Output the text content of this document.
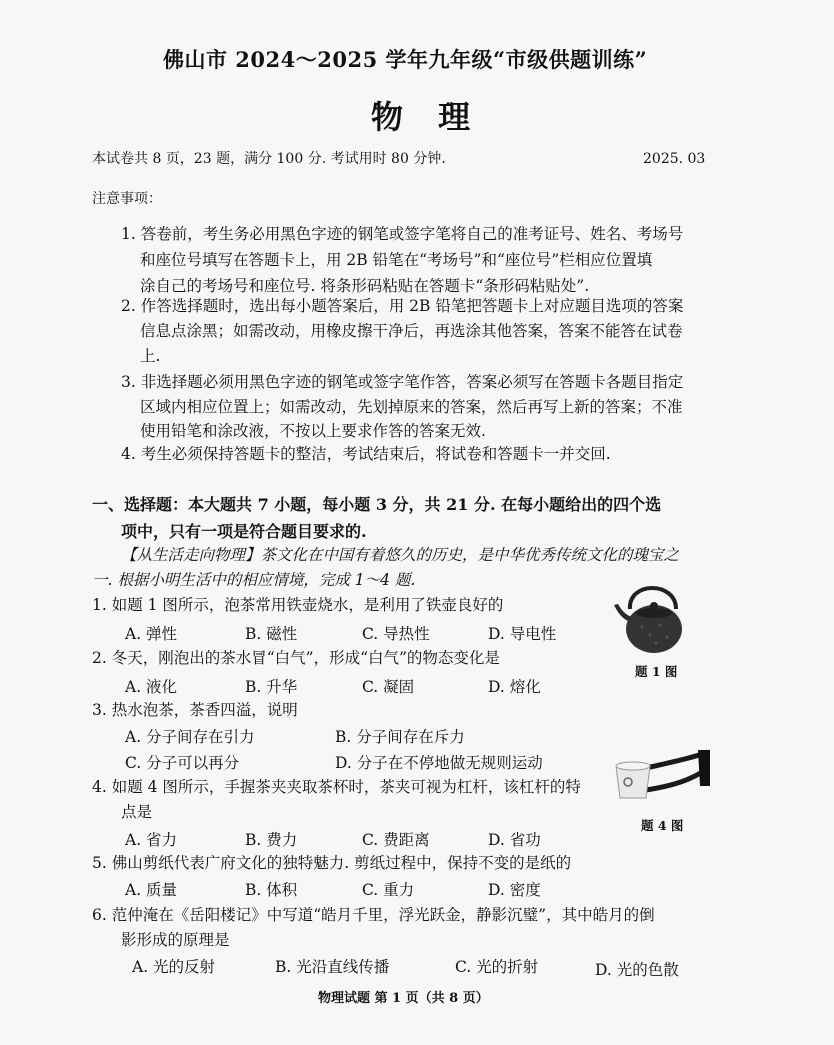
佛山市 2024～2025 学年九年级“市级供题训练”
物 理
本试卷共 8 页，23 题，满分 100 分. 考试用时 80 分钟.	2025. 03
注意事项：
1. 答卷前，考生务必用黑色字迹的钢笔或签字笔将自己的准考证号、姓名、考场号
和座位号填写在答题卡上，用 2B 铅笔在“考场号”和“座位号”栏相应位置填
涂自己的考场号和座位号. 将条形码粘贴在答题卡“条形码粘贴处”.
2. 作答选择题时，选出每小题答案后，用 2B 铅笔把答题卡上对应题目选项的答案
信息点涂黑；如需改动，用橡皮擦干净后，再选涂其他答案，答案不能答在试卷
上.
3. 非选择题必须用黑色字迹的钢笔或签字笔作答，答案必须写在答题卡各题目指定
区域内相应位置上；如需改动，先划掉原来的答案，然后再写上新的答案；不准
使用铅笔和涂改液，不按以上要求作答的答案无效.
4. 考生必须保持答题卡的整洁，考试结束后，将试卷和答题卡一并交回.
一、选择题：本大题共 7 小题，每小题 3 分，共 21 分. 在每小题给出的四个选
项中，只有一项是符合题目要求的.
【从生活走向物理】茶文化在中国有着悠久的历史，是中华优秀传统文化的瑰宝之
一. 根据小明生活中的相应情境，完成 1～4 题.
1. 如题 1 图所示，泡茶常用铁壶烧水，是利用了铁壶良好的
A. 弹性	B. 磁性	C. 导热性	D. 导电性
2. 冬天，刚泡出的茶水冒“白气”，形成“白气”的物态变化是
A. 液化	B. 升华	C. 凝固	D. 熔化
3. 热水泡茶，茶香四溢，说明
A. 分子间存在引力	B. 分子间存在斥力
C. 分子可以再分	D. 分子在不停地做无规则运动
4. 如题 4 图所示，手握茶夹夹取茶杯时，茶夹可视为杠杆，该杠杆的特
点是
A. 省力	B. 费力	C. 费距离	D. 省功
5. 佛山剪纸代表广府文化的独特魅力. 剪纸过程中，保持不变的是纸的
A. 质量	B. 体积	C. 重力	D. 密度
6. 范仲淹在《岳阳楼记》中写道“皓月千里，浮光跃金，静影沉璧”，其中皓月的倒
影形成的原理是
A. 光的反射	B. 光沿直线传播	C. 光的折射	D. 光的色散
题 1 图
题 4 图
物理试题 第 1 页（共 8 页）
